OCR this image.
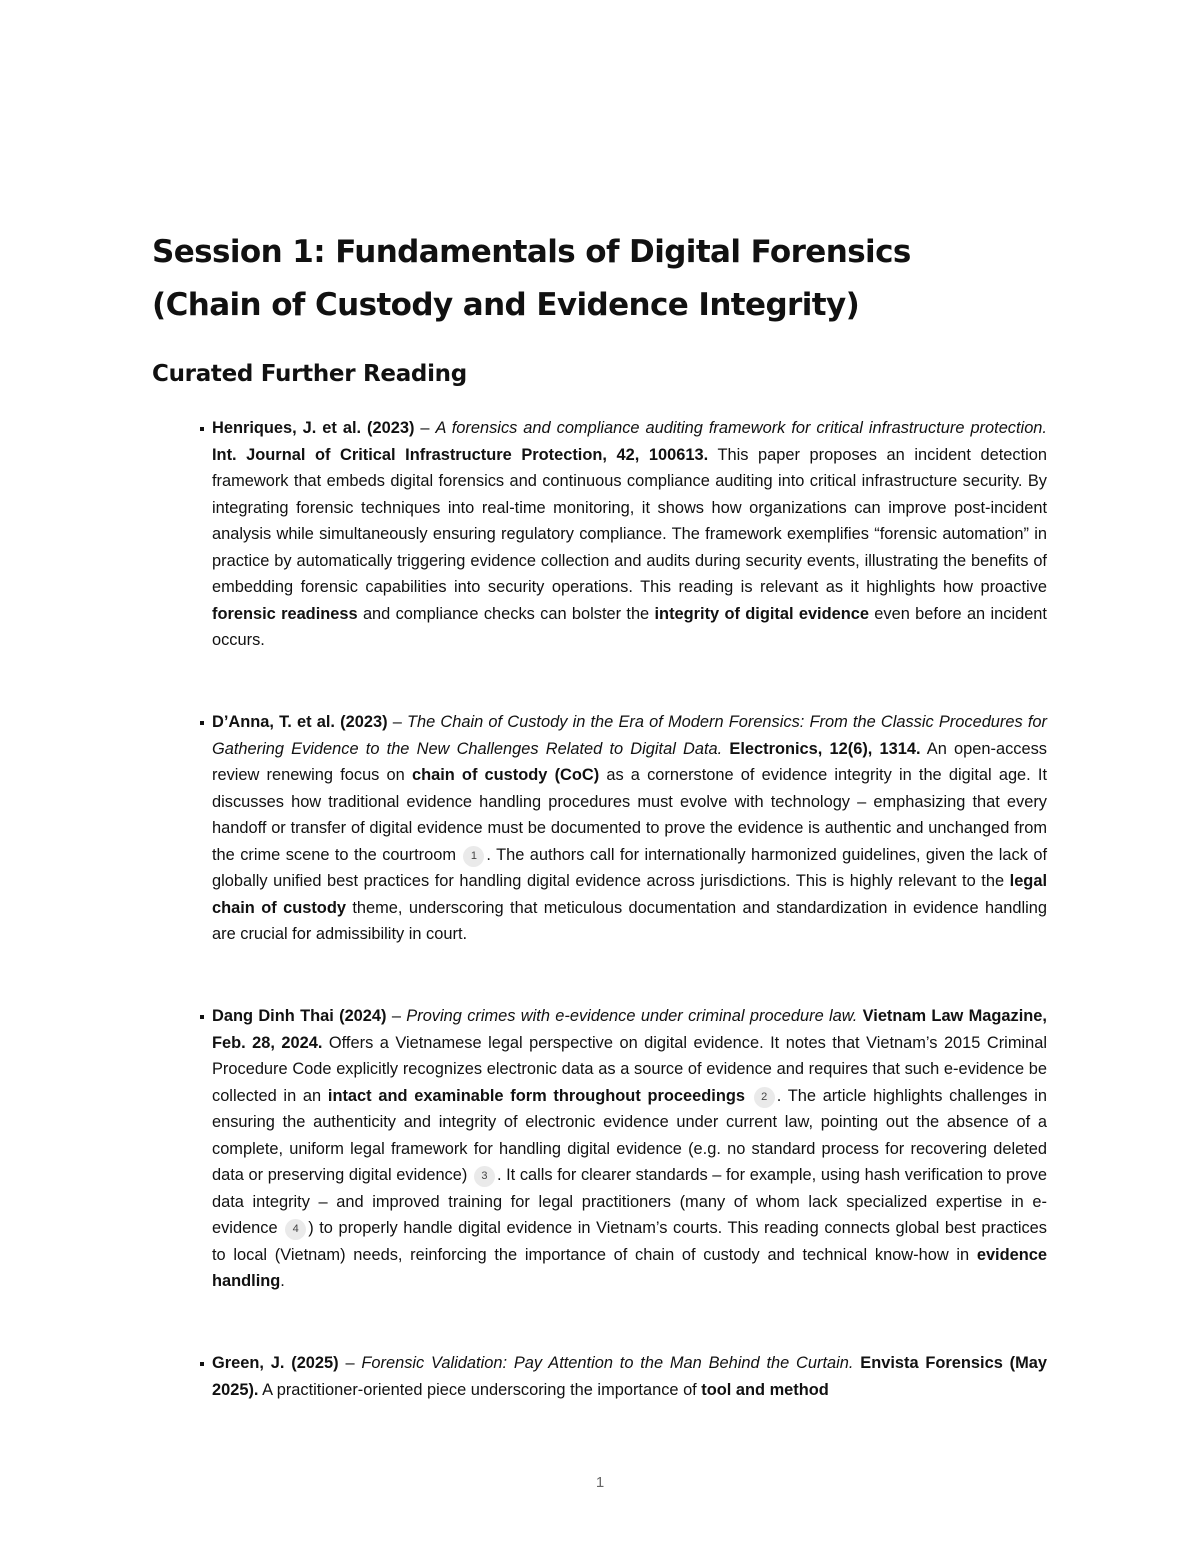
Session 1: Fundamentals of Digital Forensics
(Chain of Custody and Evidence Integrity)
Curated Further Reading
Henriques, J. et al. (2023) – A forensics and compliance auditing framework for critical infrastructure protection. Int. Journal of Critical Infrastructure Protection, 42, 100613. This paper proposes an incident detection framework that embeds digital forensics and continuous compliance auditing into critical infrastructure security. By integrating forensic techniques into real-time monitoring, it shows how organizations can improve post-incident analysis while simultaneously ensuring regulatory compliance. The framework exemplifies “forensic automation” in practice by automatically triggering evidence collection and audits during security events, illustrating the benefits of embedding forensic capabilities into security operations. This reading is relevant as it highlights how proactive forensic readiness and compliance checks can bolster the integrity of digital evidence even before an incident occurs.
D’Anna, T. et al. (2023) – The Chain of Custody in the Era of Modern Forensics: From the Classic Procedures for Gathering Evidence to the New Challenges Related to Digital Data. Electronics, 12(6), 1314. An open-access review renewing focus on chain of custody (CoC) as a cornerstone of evidence integrity in the digital age. It discusses how traditional evidence handling procedures must evolve with technology – emphasizing that every handoff or transfer of digital evidence must be documented to prove the evidence is authentic and unchanged from the crime scene to the courtroom 1 . The authors call for internationally harmonized guidelines, given the lack of globally unified best practices for handling digital evidence across jurisdictions. This is highly relevant to the legal chain of custody theme, underscoring that meticulous documentation and standardization in evidence handling are crucial for admissibility in court.
Dang Dinh Thai (2024) – Proving crimes with e-evidence under criminal procedure law. Vietnam Law Magazine, Feb. 28, 2024. Offers a Vietnamese legal perspective on digital evidence. It notes that Vietnam’s 2015 Criminal Procedure Code explicitly recognizes electronic data as a source of evidence and requires that such e-evidence be collected in an intact and examinable form throughout proceedings 2 . The article highlights challenges in ensuring the authenticity and integrity of electronic evidence under current law, pointing out the absence of a complete, uniform legal framework for handling digital evidence (e.g. no standard process for recovering deleted data or preserving digital evidence) 3 . It calls for clearer standards – for example, using hash verification to prove data integrity – and improved training for legal practitioners (many of whom lack specialized expertise in e-evidence 4 ) to properly handle digital evidence in Vietnam’s courts. This reading connects global best practices to local (Vietnam) needs, reinforcing the importance of chain of custody and technical know-how in evidence handling.
Green, J. (2025) – Forensic Validation: Pay Attention to the Man Behind the Curtain. Envista Forensics (May 2025). A practitioner-oriented piece underscoring the importance of tool and method
1
